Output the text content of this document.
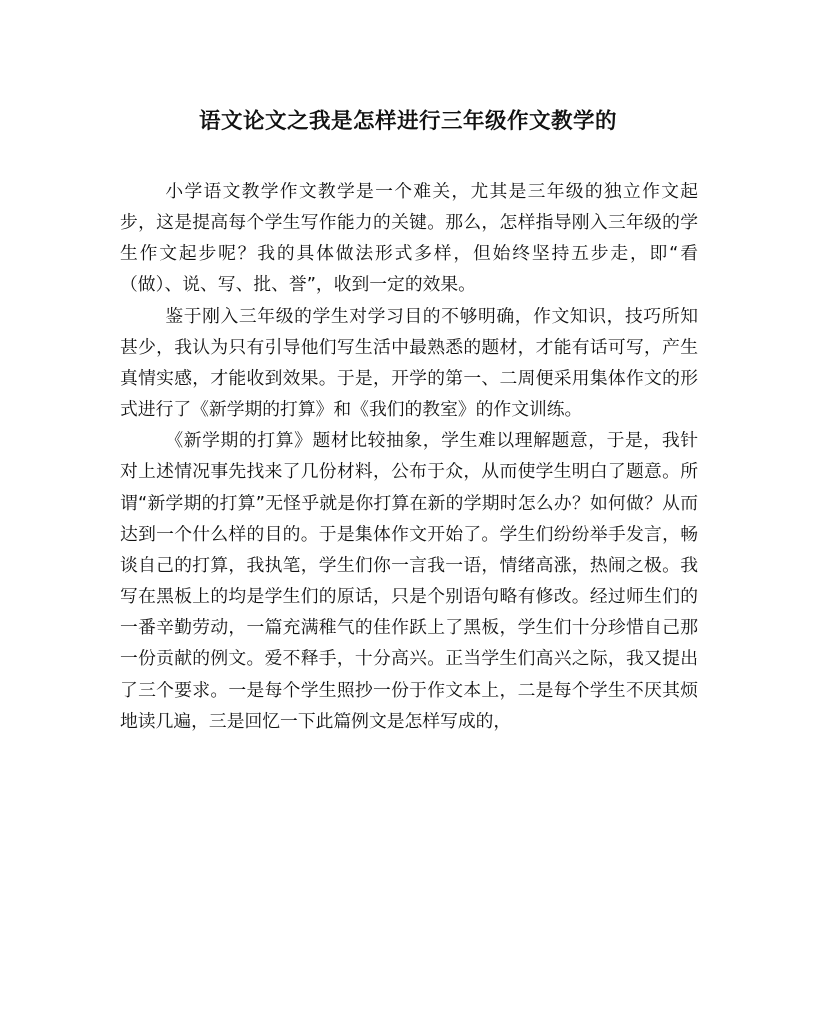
语文论文之我是怎样进行三年级作文教学的

小学语文教学作文教学是一个难关，尤其是三年级的独立作文起步，这是提高每个学生写作能力的关键。那么，怎样指导刚入三年级的学生作文起步呢？我的具体做法形式多样，但始终坚持五步走，即“看（做）、说、写、批、誉”，收到一定的效果。

鉴于刚入三年级的学生对学习目的不够明确，作文知识，技巧所知甚少，我认为只有引导他们写生活中最熟悉的题材，才能有话可写，产生真情实感，才能收到效果。于是，开学的第一、二周便采用集体作文的形式进行了《新学期的打算》和《我们的教室》的作文训练。

《新学期的打算》题材比较抽象，学生难以理解题意，于是，我针对上述情况事先找来了几份材料，公布于众，从而使学生明白了题意。所谓“新学期的打算”无怪乎就是你打算在新的学期时怎么办？如何做？从而达到一个什么样的目的。于是集体作文开始了。学生们纷纷举手发言，畅谈自己的打算，我执笔，学生们你一言我一语，情绪高涨，热闹之极。我写在黑板上的均是学生们的原话，只是个别语句略有修改。经过师生们的一番辛勤劳动，一篇充满稚气的佳作跃上了黑板，学生们十分珍惜自己那一份贡献的例文。爱不释手，十分高兴。正当学生们高兴之际，我又提出了三个要求。一是每个学生照抄一份于作文本上，二是每个学生不厌其烦地读几遍，三是回忆一下此篇例文是怎样写成的，
